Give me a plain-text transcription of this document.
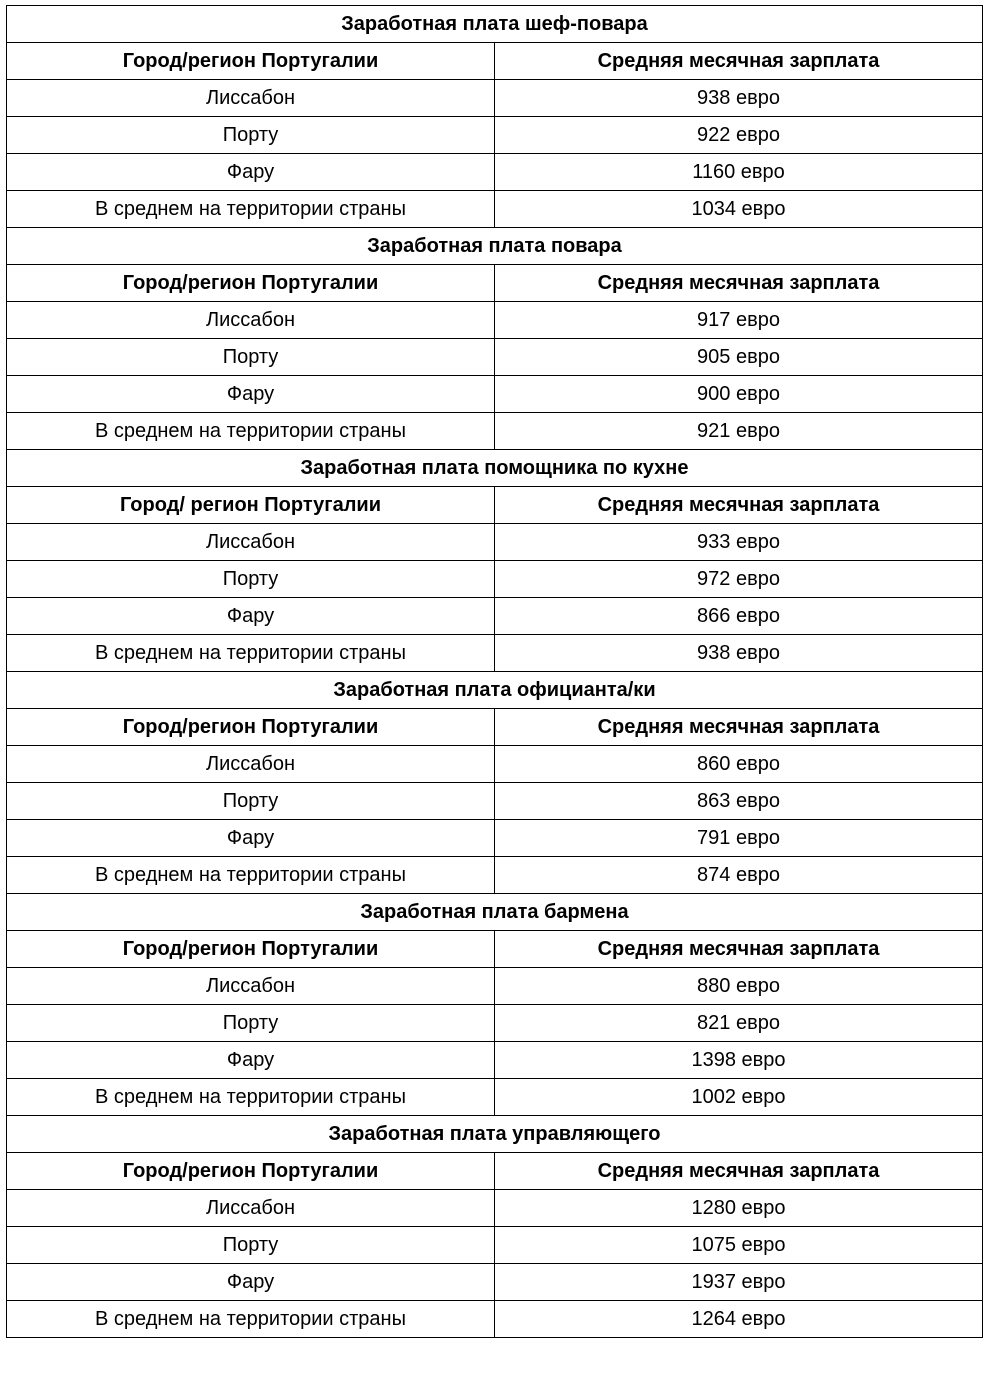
Заработная плата шеф-повара	
Город/регион Португалии	Средняя месячная зарплата
Лиссабон	938 евро
Порту	922 евро
Фару	1160 евро
В среднем на территории страны	1034 евро
Заработная плата повара	
Город/регион Португалии	Средняя месячная зарплата
Лиссабон	917 евро
Порту	905 евро
Фару	900 евро
В среднем на территории страны	921 евро
Заработная плата помощника по кухне	
Город/ регион Португалии	Средняя месячная зарплата
Лиссабон	933 евро
Порту	972 евро
Фару	866 евро
В среднем на территории страны	938 евро
Заработная плата официанта/ки	
Город/регион Португалии	Средняя месячная зарплата
Лиссабон	860 евро
Порту	863 евро
Фару	791 евро
В среднем на территории страны	874 евро
Заработная плата бармена	
Город/регион Португалии	Средняя месячная зарплата
Лиссабон	880 евро
Порту	821 евро
Фару	1398 евро
В среднем на территории страны	1002 евро
Заработная плата управляющего	
Город/регион Португалии	Средняя месячная зарплата
Лиссабон	1280 евро
Порту	1075 евро
Фару	1937 евро
В среднем на территории страны	1264 евро
